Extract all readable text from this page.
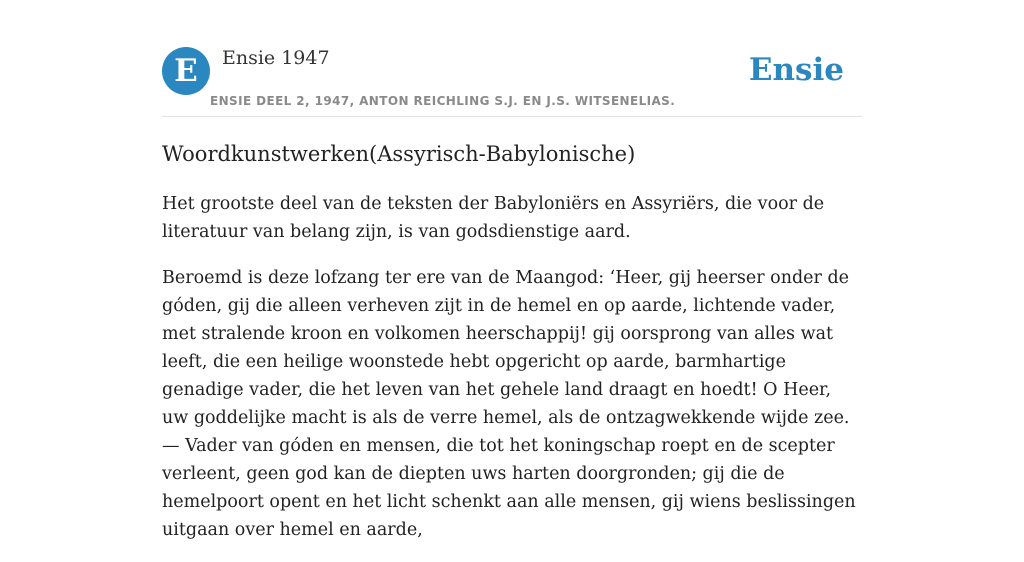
E	Ensie 1947
ENSIE DEEL 2, 1947, ANTON REICHLING S.J. EN J.S. WITSENELIAS.
Ensie
Woordkunstwerken(Assyrisch-Babylonische)

Het grootste deel van de teksten der Babyloniërs en Assyriërs, die voor de literatuur van belang zijn, is van godsdienstige aard.

Beroemd is deze lofzang ter ere van de Maangod: ‘Heer, gij heerser onder de góden, gij die alleen verheven zijt in de hemel en op aarde, lichtende vader, met stralende kroon en volkomen heerschappij! gij oorsprong van alles wat leeft, die een heilige woonstede hebt opgericht op aarde, barmhartige genadige vader, die het leven van het gehele land draagt en hoedt! O Heer, uw goddelijke macht is als de verre hemel, als de ontzagwekkende wijde zee. — Vader van góden en mensen, die tot het koningschap roept en de scepter verleent, geen god kan de diepten uws harten doorgronden; gij die de hemelpoort opent en het licht schenkt aan alle mensen, gij wiens beslissingen uitgaan over hemel en aarde,
